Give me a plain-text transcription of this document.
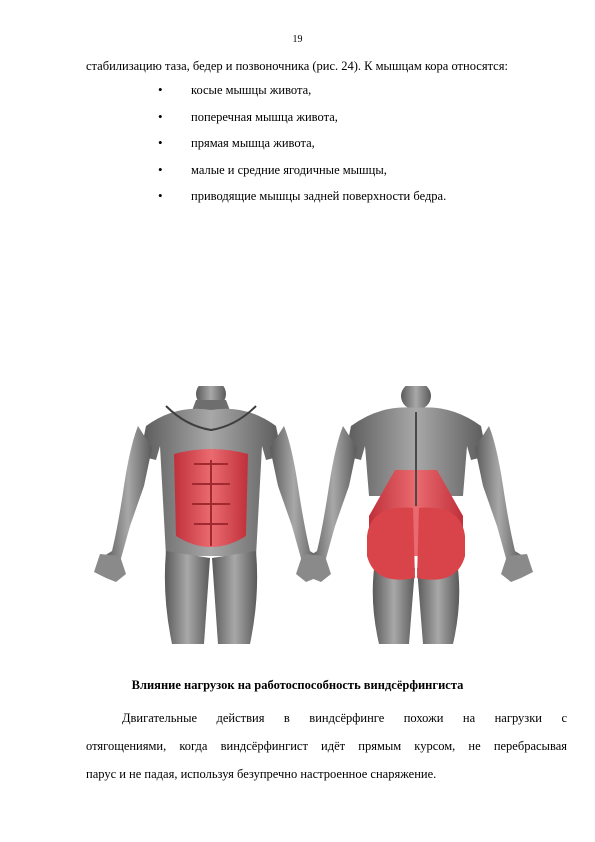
19
стабилизацию таза, бедер и позвоночника (рис. 24). К мышцам кора относятся:
• косые мышцы живота,
• поперечная мышца живота,
• прямая мышца живота,
• малые и средние ягодичные мышцы,
• приводящие мышцы задней поверхности бедра.
Влияние нагрузок на работоспособность виндсёрфингиста

Двигательные действия в виндсёрфинге похожи на нагрузки с
отягощениями, когда виндсёрфингист идёт прямым курсом, не перебрасывая
парус и не падая, используя безупречно настроенное снаряжение.
